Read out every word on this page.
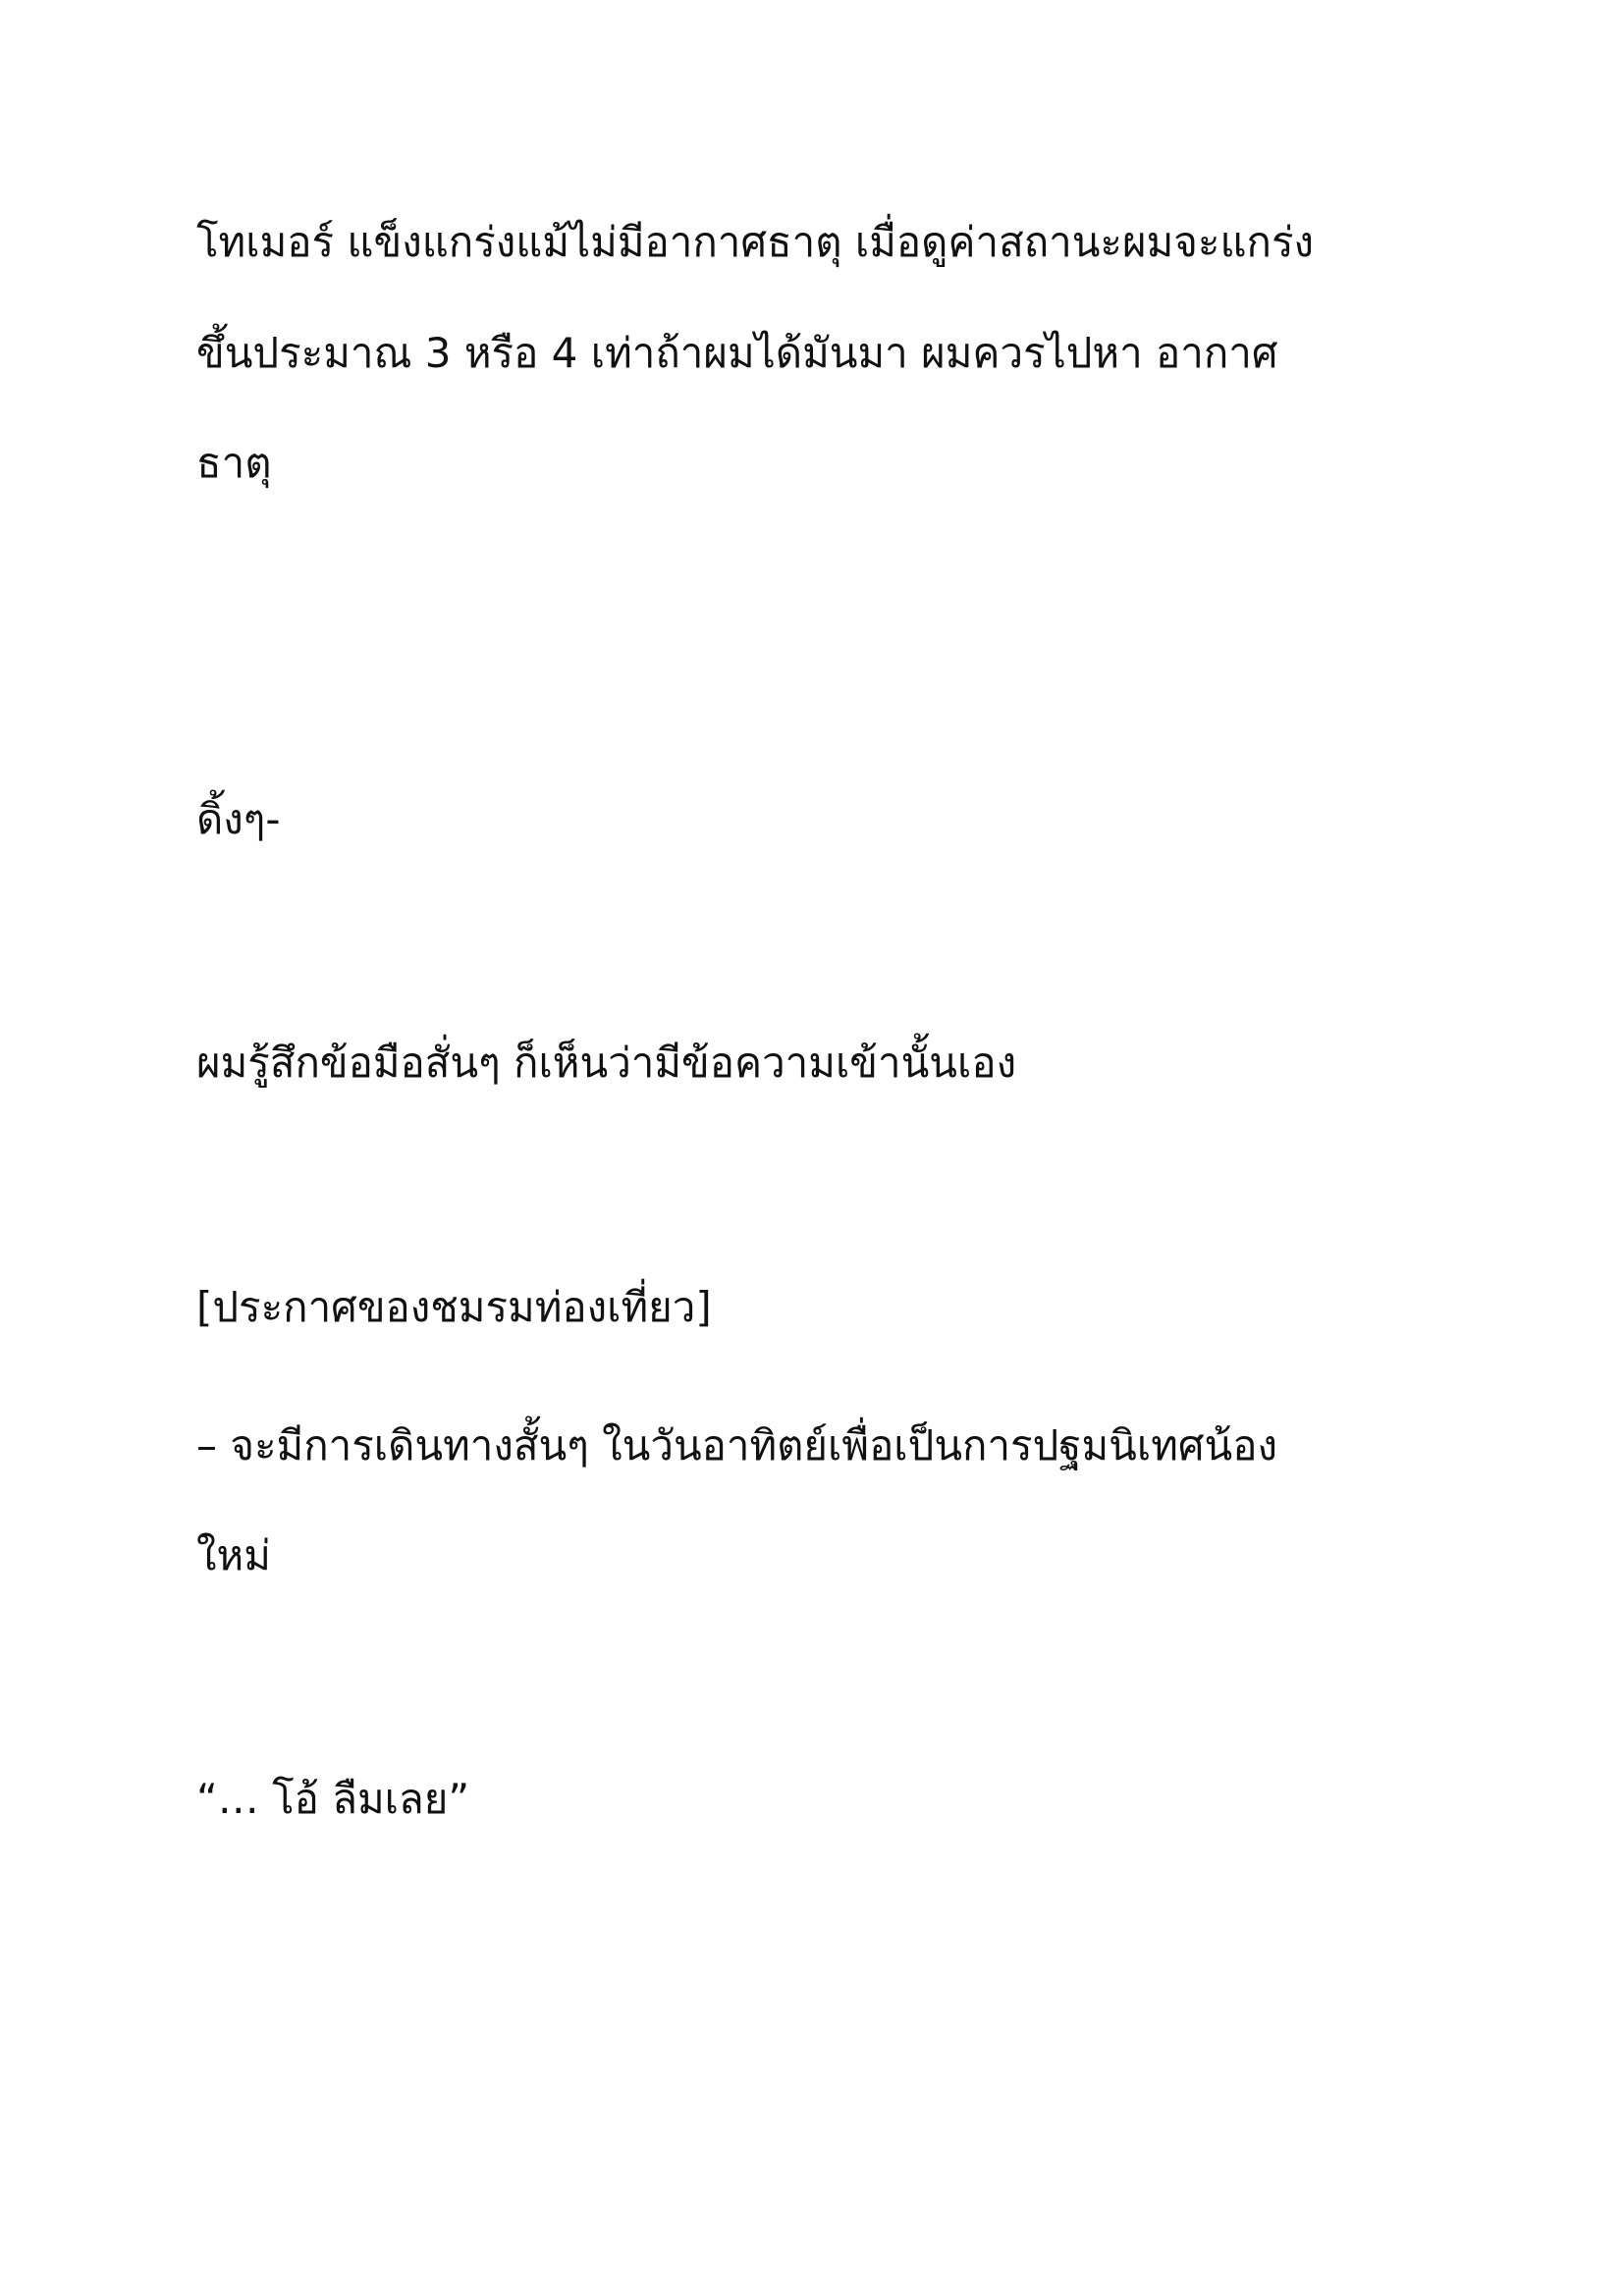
โทเมอร์ แข็งแกร่งแม้ไม่มีอากาศธาตุ เมื่อดูค่าสถานะผมจะแกร่ง
ขึ้นประมาณ 3 หรือ 4 เท่าถ้าผมได้มันมา ผมควรไปหา อากาศ
ธาตุ
ดิ้งๆ-
ผมรู้สึกข้อมือสั่นๆ ก็เห็นว่ามีข้อความเข้านั้นเอง
[ประกาศของชมรมท่องเที่ยว]
– จะมีการเดินทางสั้นๆ ในวันอาทิตย์เพื่อเป็นการปฐมนิเทศน้อง
ใหม่
“… โอ้ ลืมเลย”
